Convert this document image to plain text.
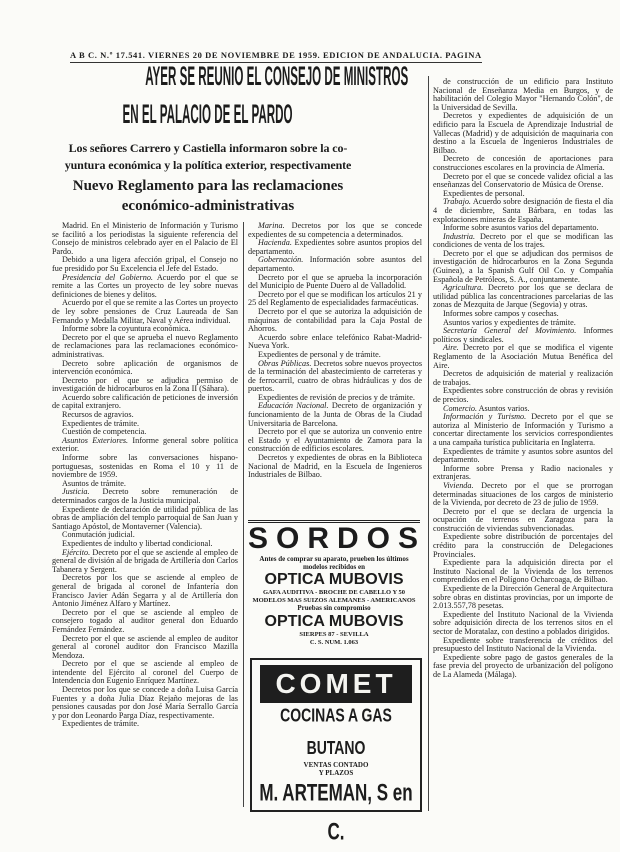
A B C. N.º 17.541. VIERNES 20 DE NOVIEMBRE DE 1959. EDICION DE ANDALUCIA. PAGINA
AYER SE REUNIO EL CONSEJO DE MINISTROS
EN EL PALACIO DE EL PARDO
Los señores Carrero y Castiella informaron sobre la co-
yuntura económica y la política exterior, respectivamente
Nuevo Reglamento para las reclamaciones
económico-administrativas

Madrid. En el Ministerio de Información y Turismo se facilitó a los periodistas la siguiente referencia del Consejo de ministros celebrado ayer en el Palacio de El Pardo.

Debido a una ligera afección gripal, el Consejo no fue presidido por Su Excelencia el Jefe del Estado.

Presidencia del Gobierno. Acuerdo por el que se remite a las Cortes un proyecto de ley sobre nuevas definiciones de bienes y delitos.

Acuerdo por el que se remite a las Cortes un proyecto de ley sobre pensiones de Cruz Laureada de San Fernando y Medalla Militar, Naval y Aérea individual.

Informe sobre la coyuntura económica.

Decreto por el que se aprueba el nuevo Reglamento de reclamaciones para las reclamaciones económico-administrativas.

Decreto sobre aplicación de organismos de intervención económica.

Decreto por el que se adjudica permiso de investigación de hidrocarburos en la Zona II (Sáhara).

Acuerdo sobre calificación de peticiones de inversión de capital extranjero.

Recursos de agravios.

Expedientes de trámite.

Cuestión de competencia.

Asuntos Exteriores. Informe general sobre política exterior.

Informe sobre las conversaciones hispano-portuguesas, sostenidas en Roma el 10 y 11 de noviembre de 1959.

Asuntos de trámite.

Justicia. Decreto sobre remuneración de determinados cargos de la Justicia municipal.

Expediente de declaración de utilidad pública de las obras de ampliación del templo parroquial de San Juan y Santiago Apóstol, de Montaverner (Valencia).

Conmutación judicial.

Expedientes de indulto y libertad condicional.

Ejército. Decreto por el que se asciende al empleo de general de división al de brigada de Artillería don Carlos Tabanera y Sergent.

Decretos por los que se asciende al empleo de general de brigada al coronel de Infantería don Francisco Javier Adán Segarra y al de Artillería don Antonio Jiménez Alfaro y Martínez.

Decreto por el que se asciende al empleo de consejero togado al auditor general don Eduardo Fernández Fernández.

Decreto por el que se asciende al empleo de auditor general al coronel auditor don Francisco Mazilla Mendoza.

Decreto por el que se asciende al empleo de intendente del Ejército al coronel del Cuerpo de Intendencia don Eugenio Enríquez Martínez.

Decretos por los que se concede a doña Luisa García Fuentes y a doña Julia Díaz Rejaño mejoras de las pensiones causadas por don José María Serrallo García y por don Leonardo Parga Díaz, respectivamente.

Expedientes de trámite.

Marina. Decretos por los que se concede expedientes de su competencia a determinados.

Hacienda. Expedientes sobre asuntos propios del departamento.

Gobernación. Información sobre asuntos del departamento.

Decreto por el que se aprueba la incorporación del Municipio de Puente Duero al de Valladolid.

Decreto por el que se modifican los artículos 21 y 25 del Reglamento de especialidades farmacéuticas.

Decreto por el que se autoriza la adquisición de máquinas de contabilidad para la Caja Postal de Ahorros.

Acuerdo sobre enlace telefónico Rabat-Madrid-Nueva York.

Expedientes de personal y de trámite.

Obras Públicas. Decretos sobre nuevos proyectos de la terminación del abastecimiento de carreteras y de ferrocarril, cuatro de obras hidráulicas y dos de puertos.

Expedientes de revisión de precios y de trámite.

Educación Nacional. Decreto de organización y funcionamiento de la Junta de Obras de la Ciudad Universitaria de Barcelona.

Decreto por el que se autoriza un convenio entre el Estado y el Ayuntamiento de Zamora para la construcción de edificios escolares.

Decretos y expedientes de obras en la Biblioteca Nacional de Madrid, en la Escuela de Ingenieros Industriales de Bilbao.

de construcción de un edificio para Instituto Nacional de Enseñanza Media en Burgos, y de habilitación del Colegio Mayor "Hernando Colón", de la Universidad de Sevilla.

Decretos y expedientes de adquisición de un edificio para la Escuela de Aprendizaje Industrial de Vallecas (Madrid) y de adquisición de maquinaria con destino a la Escuela de Ingenieros Industriales de Bilbao.

Decreto de concesión de aportaciones para construcciones escolares en la provincia de Almería.

Decreto por el que se concede validez oficial a las enseñanzas del Conservatorio de Música de Orense.

Expedientes de personal.

Trabajo. Acuerdo sobre designación de fiesta el día 4 de diciembre, Santa Bárbara, en todas las explotaciones mineras de España.

Informe sobre asuntos varios del departamento.

Industria. Decreto por el que se modifican las condiciones de venta de los trajes.

Decreto por el que se adjudican dos permisos de investigación de hidrocarburos en la Zona Segunda (Guinea), a la Spanish Gulf Oil Co. y Compañía Española de Petróleos, S. A., conjuntamente.

Agricultura. Decreto por los que se declara de utilidad pública las concentraciones parcelarias de las zonas de Mezquita de Jarque (Segovia) y otras.

Informes sobre campos y cosechas.

Asuntos varios y expedientes de trámite.

Secretaría General del Movimiento. Informes políticos y sindicales.

Aire. Decreto por el que se modifica el vigente Reglamento de la Asociación Mutua Benéfica del Aire.

Decretos de adquisición de material y realización de trabajos.

Expedientes sobre construcción de obras y revisión de precios.

Comercio. Asuntos varios.

Información y Turismo. Decreto por el que se autoriza al Ministerio de Información y Turismo a concertar directamente los servicios correspondientes a una campaña turística publicitaria en Inglaterra.

Expedientes de trámite y asuntos sobre asuntos del departamento.

Informe sobre Prensa y Radio nacionales y extranjeras.

Vivienda. Decreto por el que se prorrogan determinadas situaciones de los cargos de ministerio de la Vivienda, por decreto de 23 de julio de 1959.

Decreto por el que se declara de urgencia la ocupación de terrenos en Zaragoza para la construcción de viviendas subvencionadas.

Expediente sobre distribución de porcentajes del crédito para la construcción de Delegaciones Provinciales.

Expediente para la adquisición directa por el Instituto Nacional de la Vivienda de los terrenos comprendidos en el Polígono Ocharcoaga, de Bilbao.

Expediente de la Dirección General de Arquitectura sobre obras en distintas provincias, por un importe de 2.013.557,78 pesetas.

Expediente del Instituto Nacional de la Vivienda sobre adquisición directa de los terrenos sitos en el sector de Moratalaz, con destino a poblados dirigidos.

Expediente sobre transferencia de créditos del presupuesto del Instituto Nacional de la Vivienda.

Expediente sobre pago de gastos generales de la fase previa del proyecto de urbanización del polígono de La Alameda (Málaga).

SORDOS
Antes de comprar su aparato, prueben los últimos modelos recibidos en
OPTICA MUBOVIS
GAFA AUDITIVA - BROCHE DE CABELLO Y 50 MODELOS MAS SUIZOS ALEMANES - AMERICANOS
Pruebas sin compromiso
OPTICA MUBOVIS
SIERPES 87 - SEVILLA
C. S. NUM. 1.063
COMET
COCINAS A GAS BUTANO
VENTAS CONTADO
Y PLAZOS
M. ARTEMAN, S en C.
